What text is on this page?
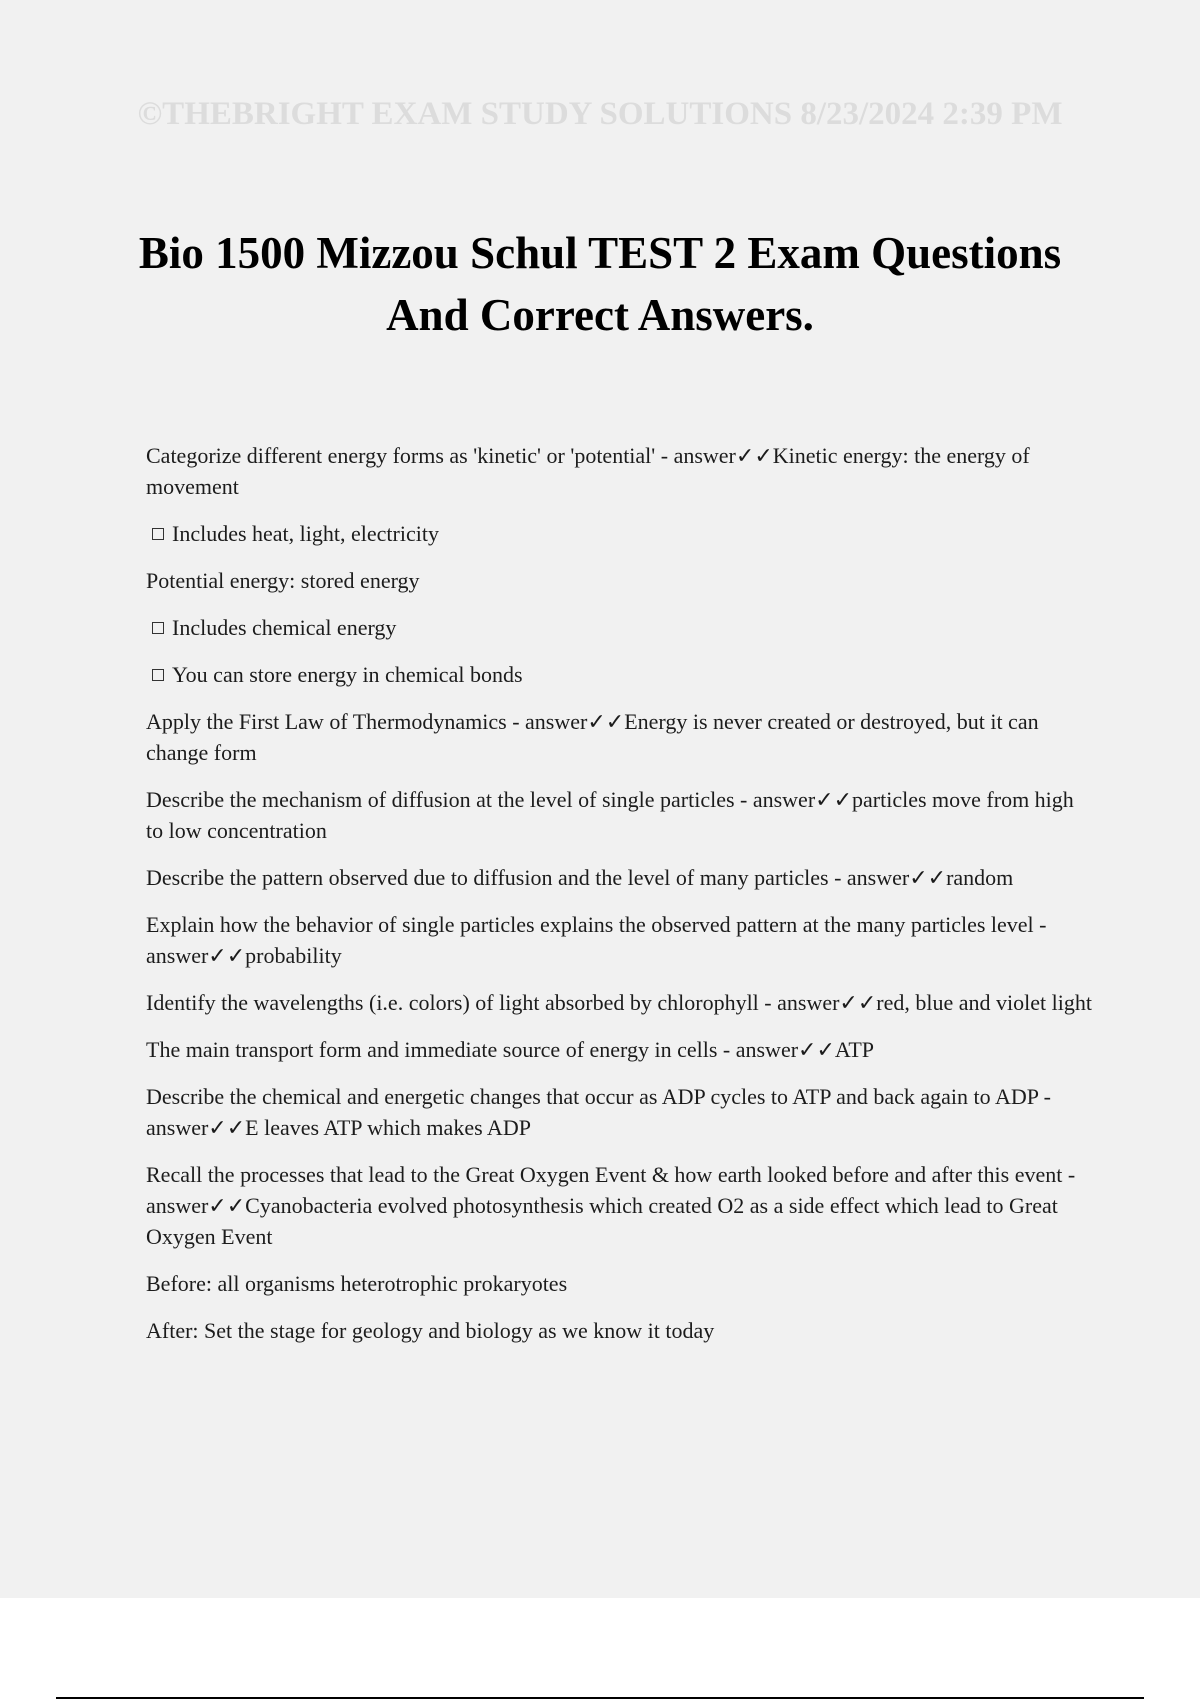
©THEBRIGHT EXAM STUDY SOLUTIONS 8/23/2024 2:39 PM
Bio 1500 Mizzou Schul TEST 2 Exam Questions And Correct Answers.

Categorize different energy forms as 'kinetic' or 'potential' - answer✓✓Kinetic energy: the energy of movement

Includes heat, light, electricity

Potential energy: stored energy

Includes chemical energy

You can store energy in chemical bonds

Apply the First Law of Thermodynamics - answer✓✓Energy is never created or destroyed, but it can change form

Describe the mechanism of diffusion at the level of single particles - answer✓✓particles move from high to low concentration

Describe the pattern observed due to diffusion and the level of many particles - answer✓✓random

Explain how the behavior of single particles explains the observed pattern at the many particles level - answer✓✓probability

Identify the wavelengths (i.e. colors) of light absorbed by chlorophyll - answer✓✓red, blue and violet light

The main transport form and immediate source of energy in cells - answer✓✓ATP

Describe the chemical and energetic changes that occur as ADP cycles to ATP and back again to ADP - answer✓✓E leaves ATP which makes ADP

Recall the processes that lead to the Great Oxygen Event & how earth looked before and after this event - answer✓✓Cyanobacteria evolved photosynthesis which created O2 as a side effect which lead to Great Oxygen Event

Before: all organisms heterotrophic prokaryotes

After: Set the stage for geology and biology as we know it today
